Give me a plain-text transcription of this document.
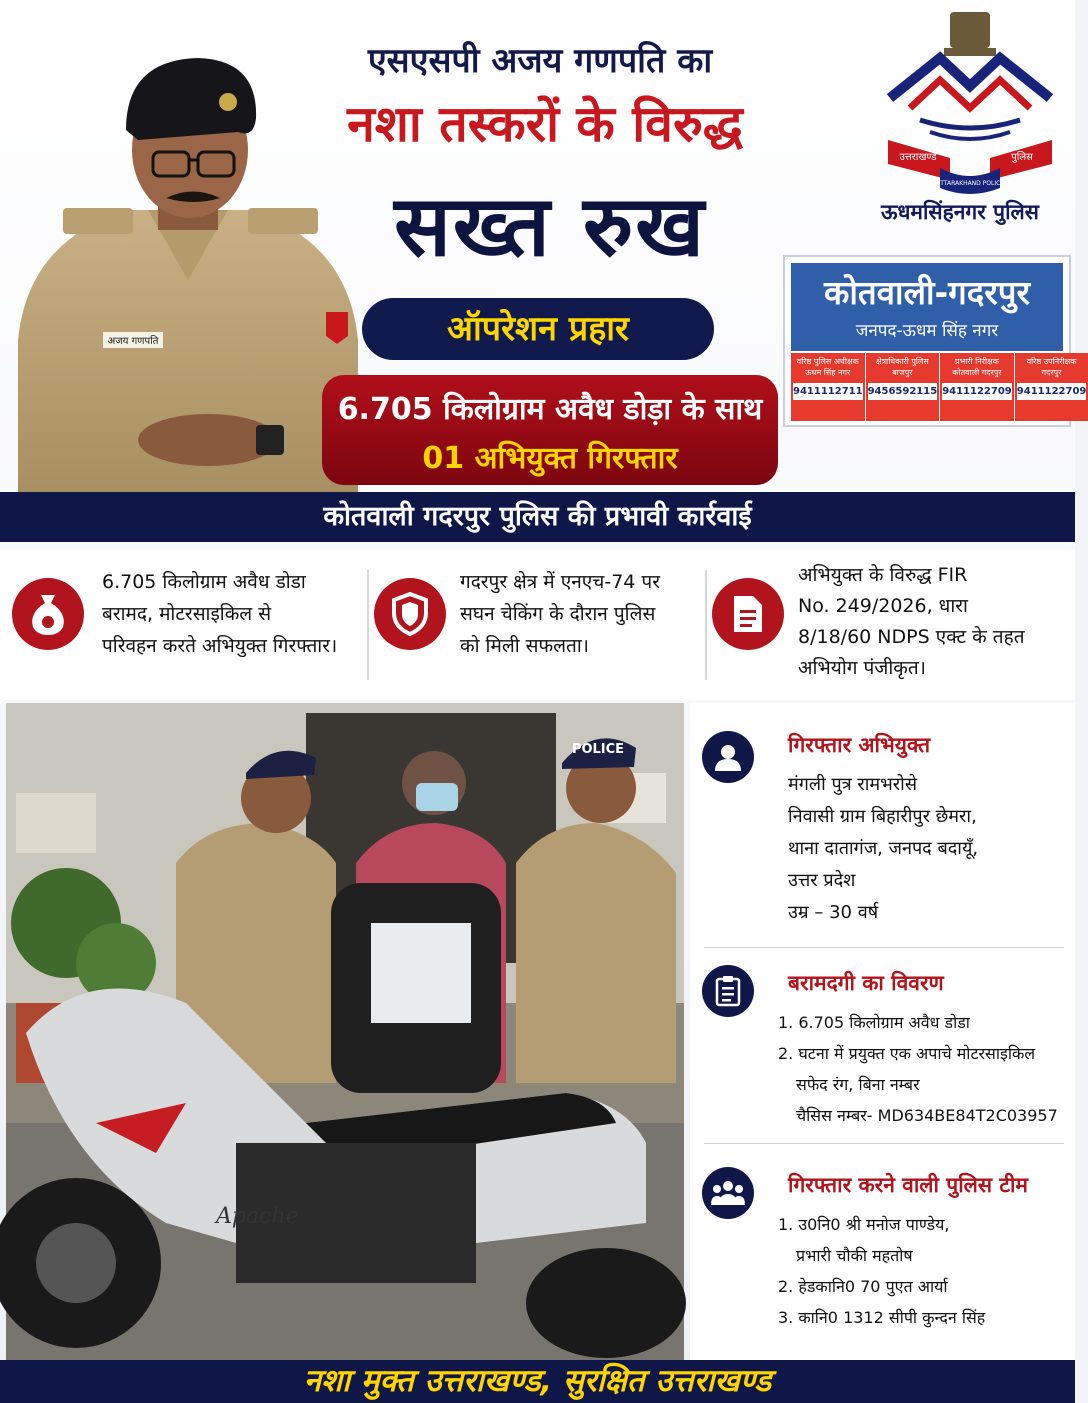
अजय गणपति
एसएसपी अजय गणपति का
नशा तस्करों के विरुद्ध
सख्त रुख
ऑपरेशन प्रहार
6.705 किलोग्राम अवैध डोड़ा के साथ
01 अभियुक्त गिरफ्तार
उत्तराखण्ड	पुलिस
UTTARAKHAND POLICE
ऊधमसिंहनगर पुलिस
कोतवाली-गदरपुर
जनपद-ऊधम सिंह नगर
वरिष्ठ पुलिस अधीक्षक
ऊधम सिंह नगर
9411112711
क्षेत्राधिकारी पुलिस
बाजपुर
9456592115
प्रभारी निरीक्षक
कोतवाली गदरपुर
9411122709
वरिष्ठ उपनिरीक्षक
गदरपुर
9411122709
कोतवाली गदरपुर पुलिस की प्रभावी कार्रवाई
6.705 किलोग्राम अवैध डोडा
बरामद, मोटरसाइकिल से
परिवहन करते अभियुक्त गिरफ्तार।
गदरपुर क्षेत्र में एनएच-74 पर
सघन चेकिंग के दौरान पुलिस
को मिली सफलता।
अभियुक्त के विरुद्ध FIR
No. 249/2026, धारा
8/18/60 NDPS एक्ट के तहत
अभियोग पंजीकृत।
POLICE
Apache
गिरफ्तार अभियुक्त
मंगली पुत्र रामभरोसे
निवासी ग्राम बिहारीपुर छेमरा,
थाना दातागंज, जनपद बदायूँ,
उत्तर प्रदेश
उम्र – 30 वर्ष
बरामदगी का विवरण
1. 6.705 किलोग्राम अवैध डोडा
2. घटना में प्रयुक्त एक अपाचे मोटरसाइकिल
सफेद रंग, बिना नम्बर
चैसिस नम्बर- MD634BE84T2C03957
गिरफ्तार करने वाली पुलिस टीम
1. उ0नि0 श्री मनोज पाण्डेय,
प्रभारी चौकी महतोष
2. हेडकानि0 70 पुएत आर्या
3. कानि0 1312 सीपी कुन्दन सिंह
नशा मुक्त उत्तराखण्ड, सुरक्षित उत्तराखण्ड
